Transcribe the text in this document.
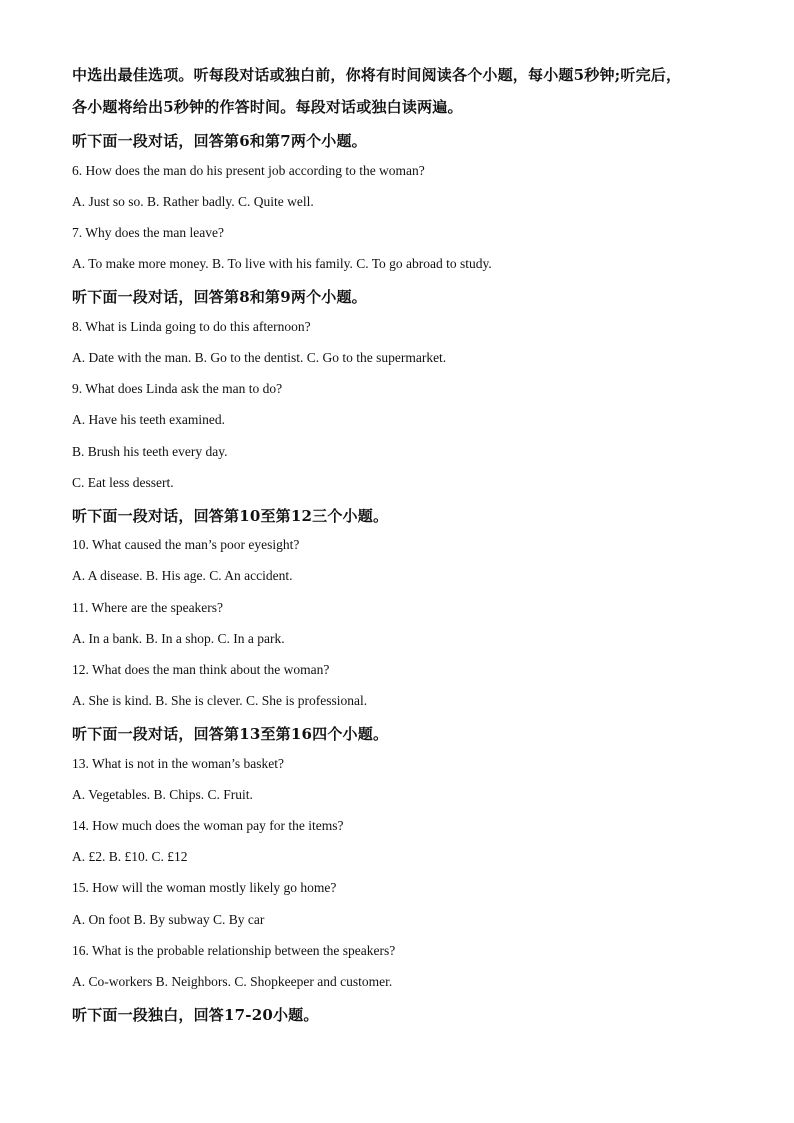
中选出最佳选项。听每段对话或独白前，你将有时间阅读各个小题，每小题5秒钟;听完后，
各小题将给出5秒钟的作答时间。每段对话或独白读两遍。
听下面一段对话，回答第6和第7两个小题。
6. How does the man do his present job according to the woman?
A. Just so so. B. Rather badly. C. Quite well.
7. Why does the man leave?
A. To make more money. B. To live with his family. C. To go abroad to study.
听下面一段对话，回答第8和第9两个小题。
8. What is Linda going to do this afternoon?
A. Date with the man. B. Go to the dentist. C. Go to the supermarket.
9. What does Linda ask the man to do?
A. Have his teeth examined.
B. Brush his teeth every day.
C. Eat less dessert.
听下面一段对话，回答第10至第12三个小题。
10. What caused the man’s poor eyesight?
A. A disease. B. His age. C. An accident.
11. Where are the speakers?
A. In a bank. B. In a shop. C. In a park.
12. What does the man think about the woman?
A. She is kind. B. She is clever. C. She is professional.
听下面一段对话，回答第13至第16四个小题。
13. What is not in the woman’s basket?
A. Vegetables. B. Chips. C. Fruit.
14. How much does the woman pay for the items?
A. £2. B. £10. C. £12
15. How will the woman mostly likely go home?
A. On foot B. By subway C. By car
16. What is the probable relationship between the speakers?
A. Co-workers B. Neighbors. C. Shopkeeper and customer.
听下面一段独白，回答17-20小题。
